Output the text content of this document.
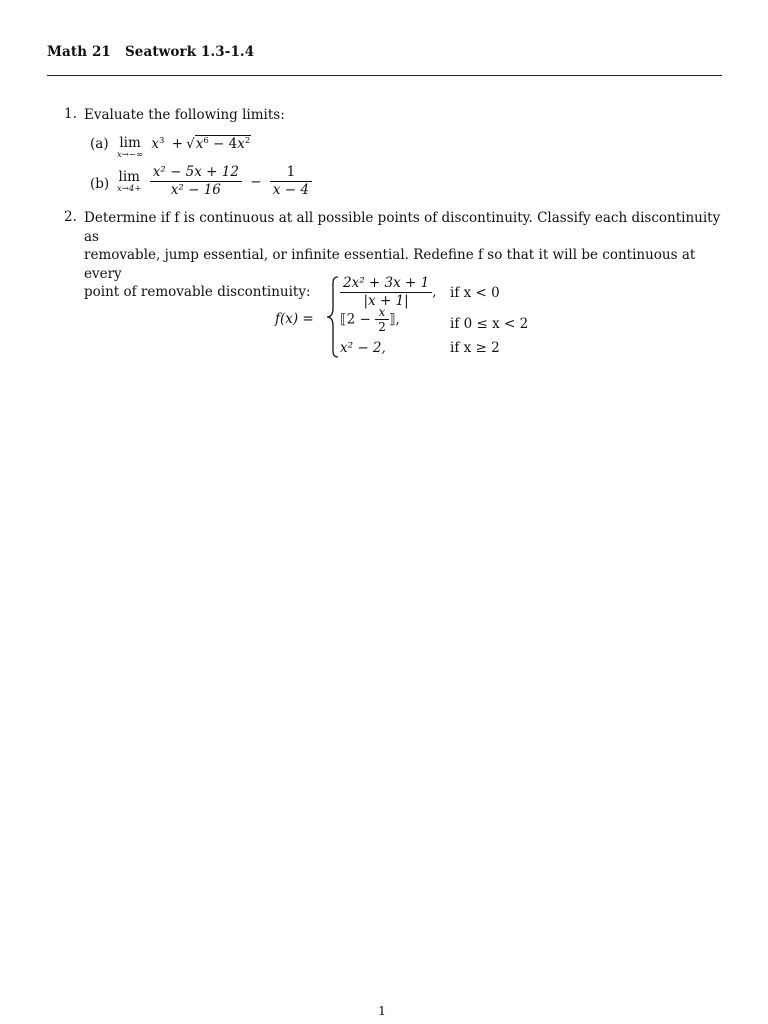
Math 21 Seatwork 1.3-1.4
1. Evaluate the following limits:
(a) lim
x→−∞
$x^3 + √x^6 - 4x^2$
(b) lim
x→4+
$\frac{\text{x² − 5x + 12}}{\text{x² − 16}} - \frac{1}{x - 4}$
2. Determine if f is continuous at all possible points of discontinuity. Classify each discontinuity as
removable, jump essential, or infinite essential. Redefine f so that it will be continuous at every
point of removable discontinuity:
f(x) =
$\frac{\text{2x² + 3x + 1}}{|x + 1|}$ , if x < 0
⟦2 − $\frac{x}{2}$ ⟧,	if 0 ≤ x < 2
x² − 2,	if x ≥ 2
1
